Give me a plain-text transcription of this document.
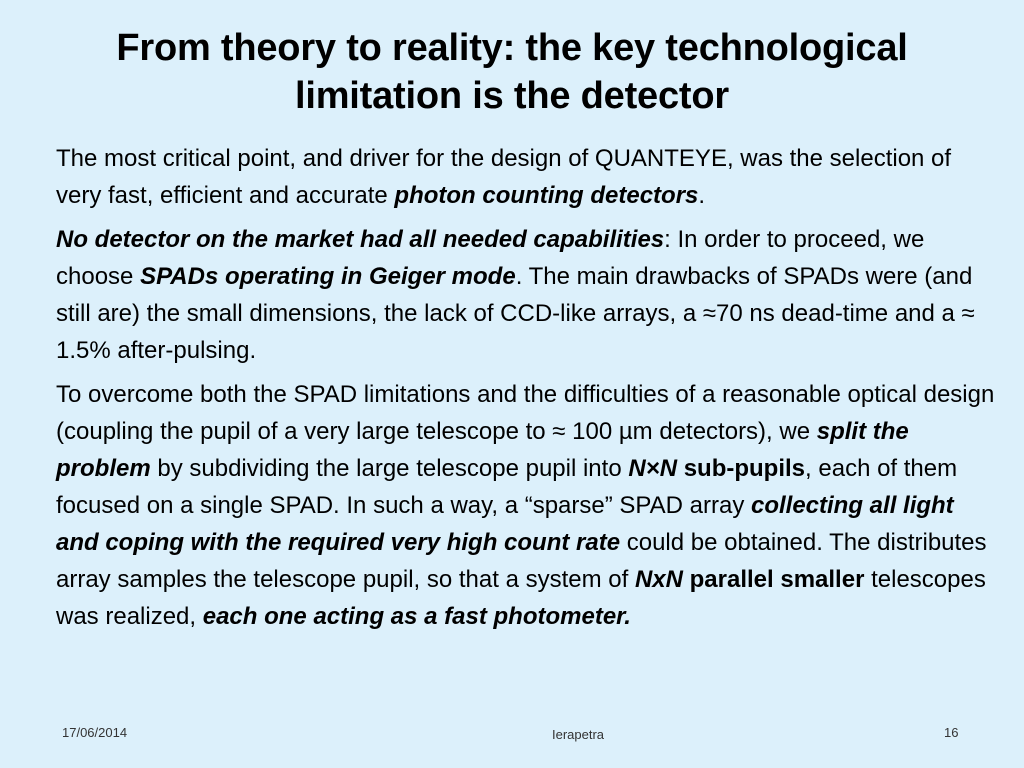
From theory to reality: the key technological
limitation is the detector

The most critical point, and driver for the design of QUANTEYE, was the selection of very fast, efficient and accurate photon counting detectors.

No detector on the market had all needed capabilities: In order to proceed, we choose SPADs operating in Geiger mode. The main drawbacks of SPADs were (and still are) the small dimensions, the lack of CCD-like arrays, a ≈70 ns dead-time and a ≈ 1.5% after-pulsing.

To overcome both the SPAD limitations and the difficulties of a reasonable optical design (coupling the pupil of a very large telescope to ≈ 100 µm detectors), we split the problem by subdividing the large telescope pupil into N×N sub-pupils, each of them focused on a single SPAD. In such a way, a “sparse” SPAD array collecting all light and coping with the required very high count rate could be obtained. The distributes array samples the telescope pupil, so that a system of NxN parallel smaller telescopes was realized, each one acting as a fast photometer.

17/06/2014	Ierapetra	16
